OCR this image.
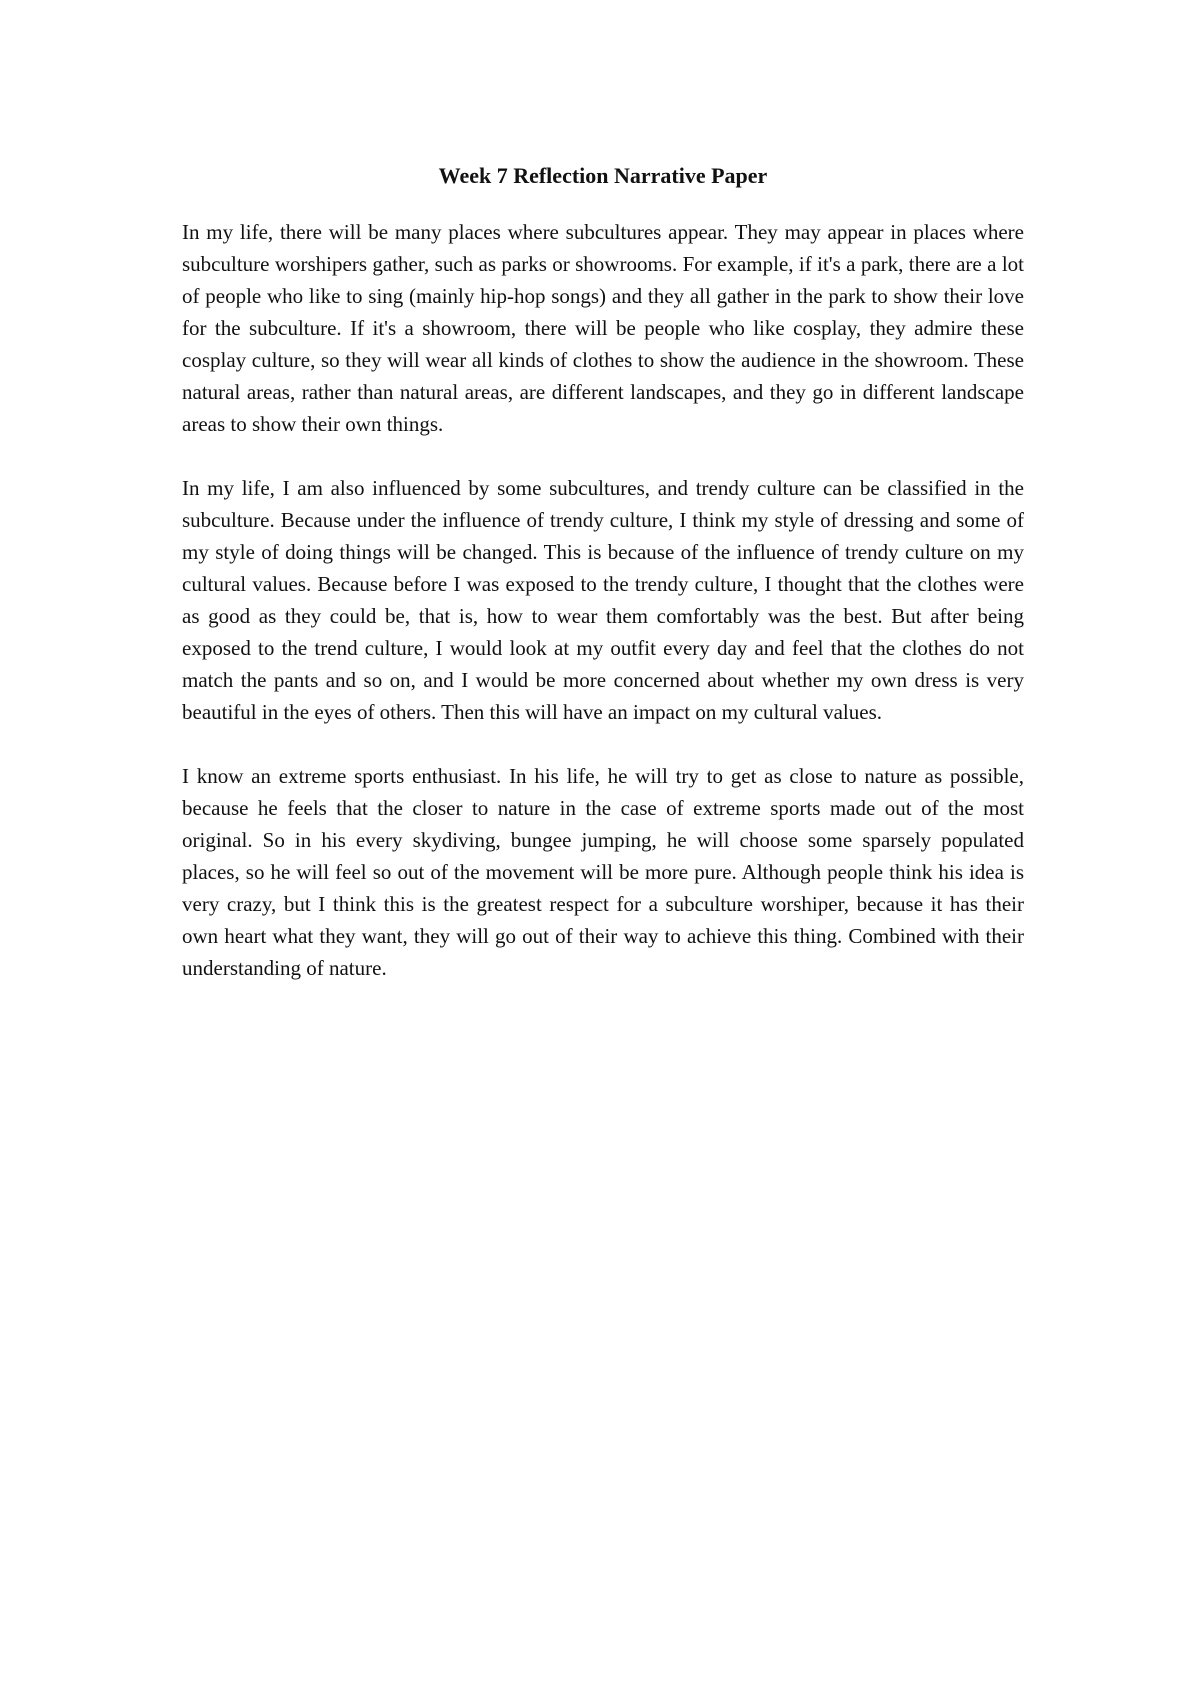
Week 7 Reflection Narrative Paper

In my life, there will be many places where subcultures appear. They may appear in places where subculture worshipers gather, such as parks or showrooms. For example, if it's a park, there are a lot of people who like to sing (mainly hip-hop songs) and they all gather in the park to show their love for the subculture. If it's a showroom, there will be people who like cosplay, they admire these cosplay culture, so they will wear all kinds of clothes to show the audience in the showroom. These natural areas, rather than natural areas, are different landscapes, and they go in different landscape areas to show their own things.

In my life, I am also influenced by some subcultures, and trendy culture can be classified in the subculture. Because under the influence of trendy culture, I think my style of dressing and some of my style of doing things will be changed. This is because of the influence of trendy culture on my cultural values. Because before I was exposed to the trendy culture, I thought that the clothes were as good as they could be, that is, how to wear them comfortably was the best. But after being exposed to the trend culture, I would look at my outfit every day and feel that the clothes do not match the pants and so on, and I would be more concerned about whether my own dress is very beautiful in the eyes of others. Then this will have an impact on my cultural values.

I know an extreme sports enthusiast. In his life, he will try to get as close to nature as possible, because he feels that the closer to nature in the case of extreme sports made out of the most original. So in his every skydiving, bungee jumping, he will choose some sparsely populated places, so he will feel so out of the movement will be more pure. Although people think his idea is very crazy, but I think this is the greatest respect for a subculture worshiper, because it has their own heart what they want, they will go out of their way to achieve this thing. Combined with their understanding of nature.
